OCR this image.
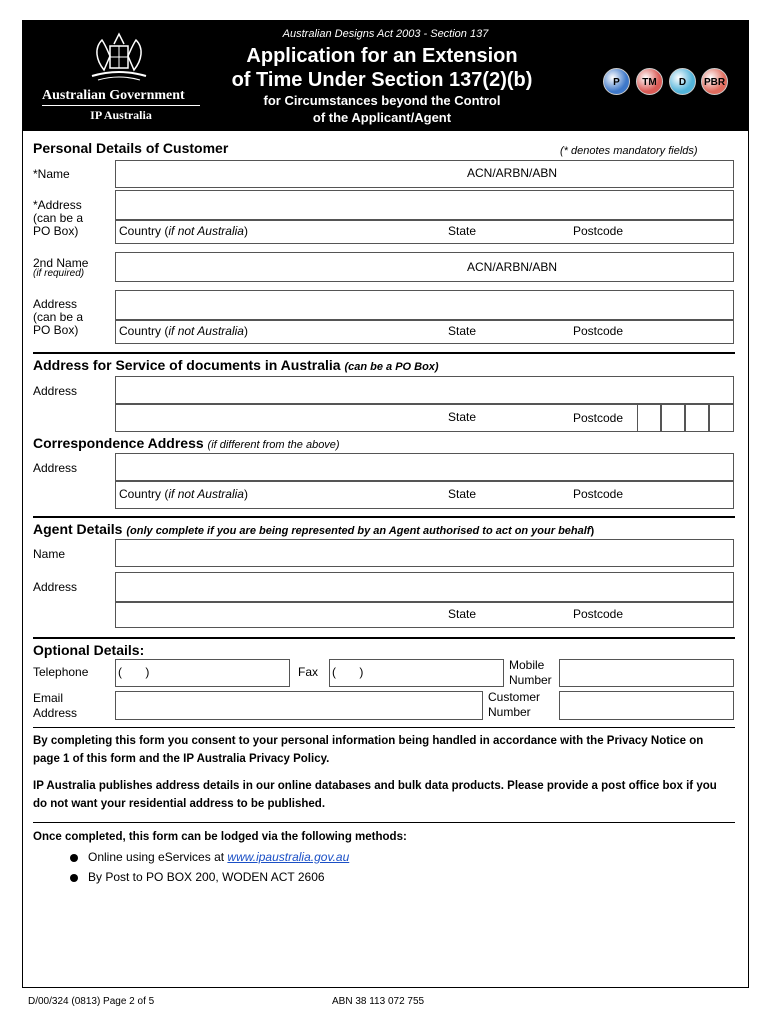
Australian Government
IP Australia
Australian Designs Act 2003 - Section 137
Application for an Extension
of Time Under Section 137(2)(b)
for Circumstances beyond the Control
of the Applicant/Agent
P	TM	D	PBR
Personal Details of Customer	(* denotes mandatory fields)
*Name	ACN/ARBN/ABN
*Address
(can be a
PO Box)	Country (if not Australia)	State	Postcode
2nd Name
(if required)	ACN/ARBN/ABN
Address
(can be a
PO Box)	Country (if not Australia)	State	Postcode
Address for Service of documents in Australia (can be a PO Box)
Address
State	Postcode
Correspondence Address (if different from the above)
Address
Country (if not Australia)	State	Postcode
Agent Details (only complete if you are being represented by an Agent authorised to act on your behalf)
Name
Address
State	Postcode
Optional Details:
Telephone (       )	Fax (       )	Mobile
Number
Email
Address
Customer
Number
By completing this form you consent to your personal information being handled in accordance with the Privacy Notice on page 1 of this form and the IP Australia Privacy Policy.
IP Australia publishes address details in our online databases and bulk data products. Please provide a post office box if you do not want your residential address to be published.
Once completed, this form can be lodged via the following methods:
Online using eServices at www.ipaustralia.gov.au
By Post to PO BOX 200, WODEN ACT 2606
D/00/324 (0813) Page 2 of 5	ABN 38 113 072 755
